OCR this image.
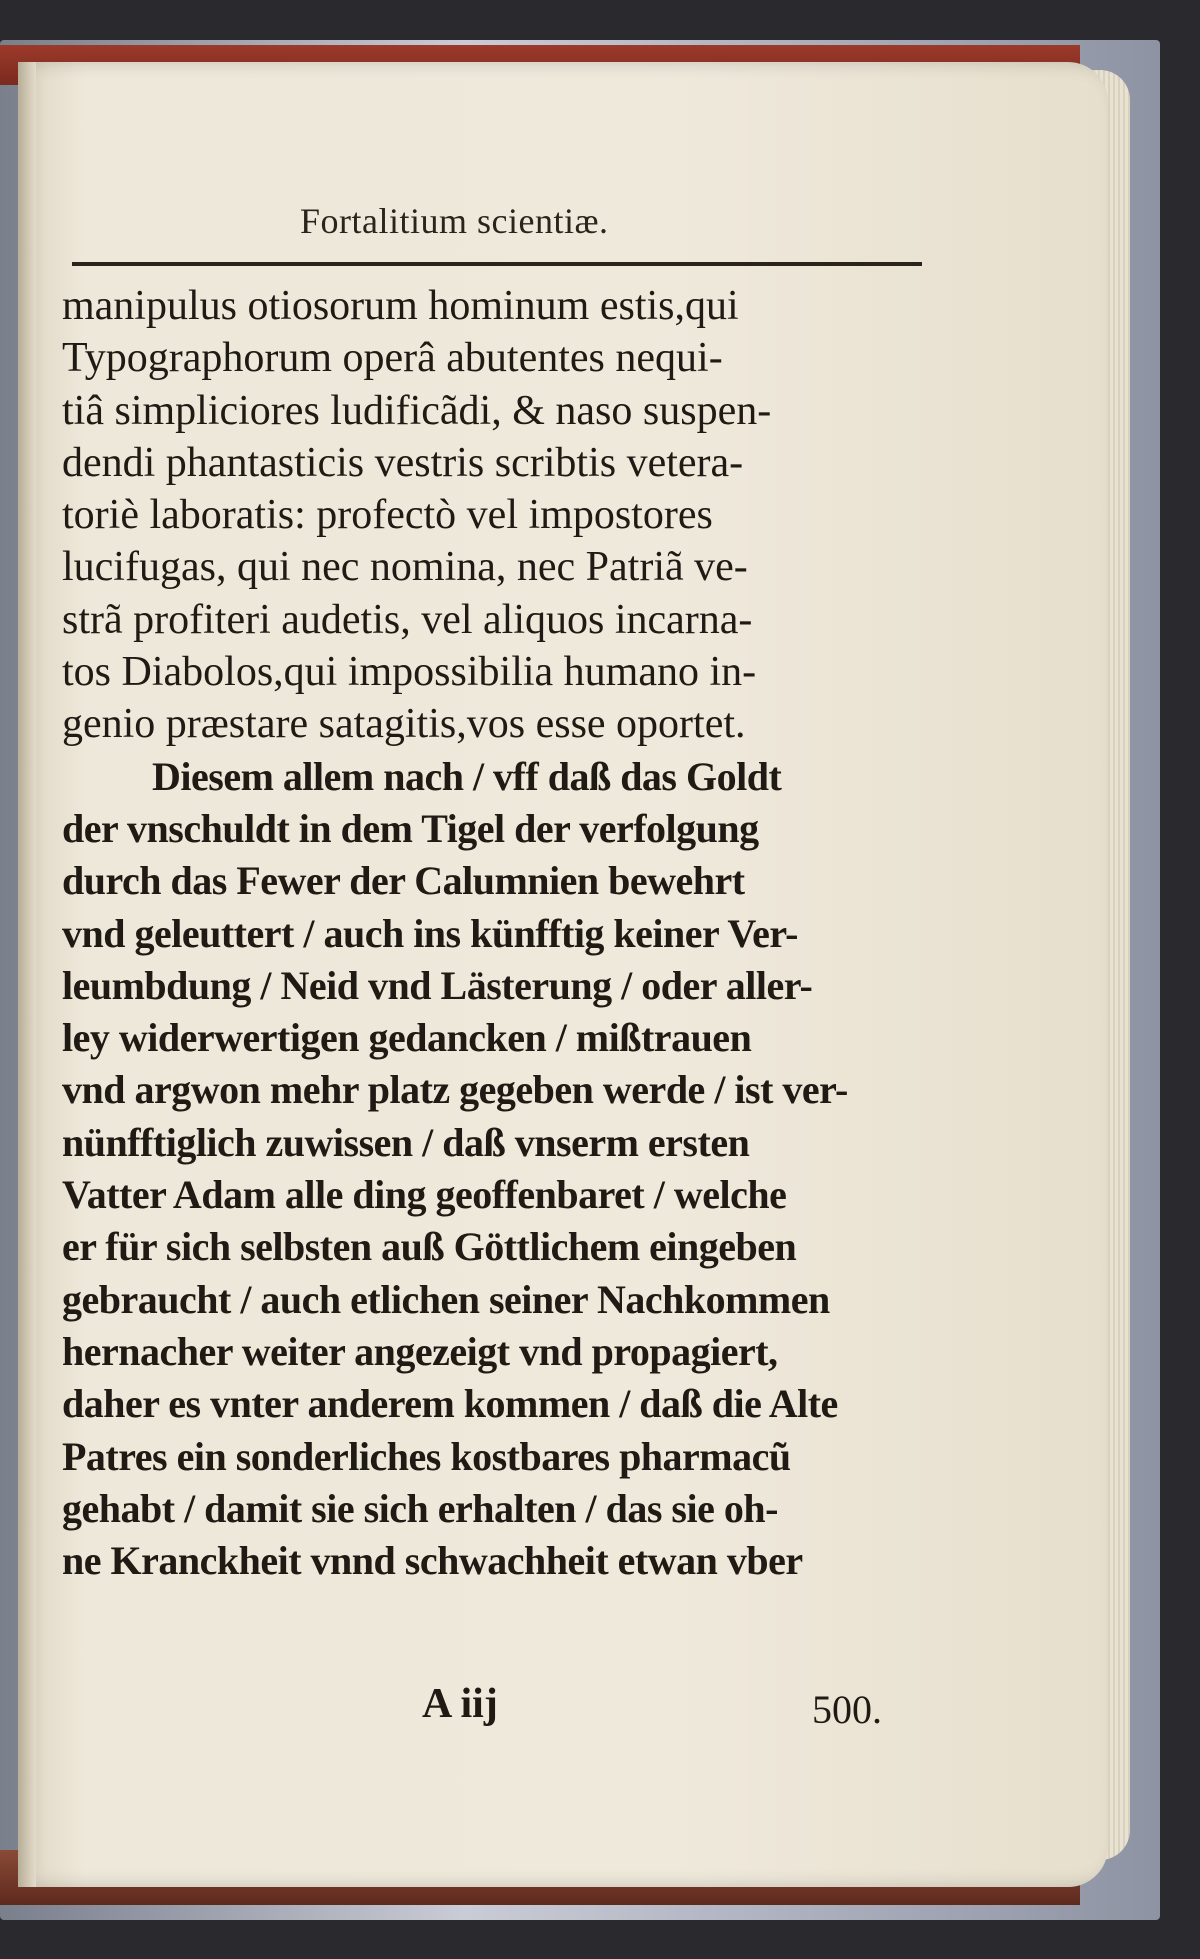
Fortalitium scientiæ.
manipulus otiosorum hominum estis,qui
Typographorum operâ abutentes nequi-
tiâ simpliciores ludificãdi, & naso suspen-
dendi phantasticis vestris scribtis vetera-
toriè laboratis: profectò vel impostores
lucifugas, qui nec nomina, nec Patriã ve-
strã profiteri audetis, vel aliquos incarna-
tos Diabolos,qui impossibilia humano in-
genio præstare satagitis,vos esse oportet.
Diesem allem nach / vff daß das Goldt
der vnschuldt in dem Tigel der verfolgung
durch das Fewer der Calumnien bewehrt
vnd geleuttert / auch ins künfftig keiner Ver-
leumbdung / Neid vnd Lästerung / oder aller-
ley widerwertigen gedancken / mißtrauen
vnd argwon mehr platz gegeben werde / ist ver-
nünfftiglich zuwissen / daß vnserm ersten
Vatter Adam alle ding geoffenbaret / welche
er für sich selbsten auß Göttlichem eingeben
gebraucht / auch etlichen seiner Nachkommen
hernacher weiter angezeigt vnd propagiert,
daher es vnter anderem kommen / daß die Alte
Patres ein sonderliches kostbares pharmacũ
gehabt / damit sie sich erhalten / das sie oh-
ne Kranckheit vnnd schwachheit etwan vber
A iij	500.
